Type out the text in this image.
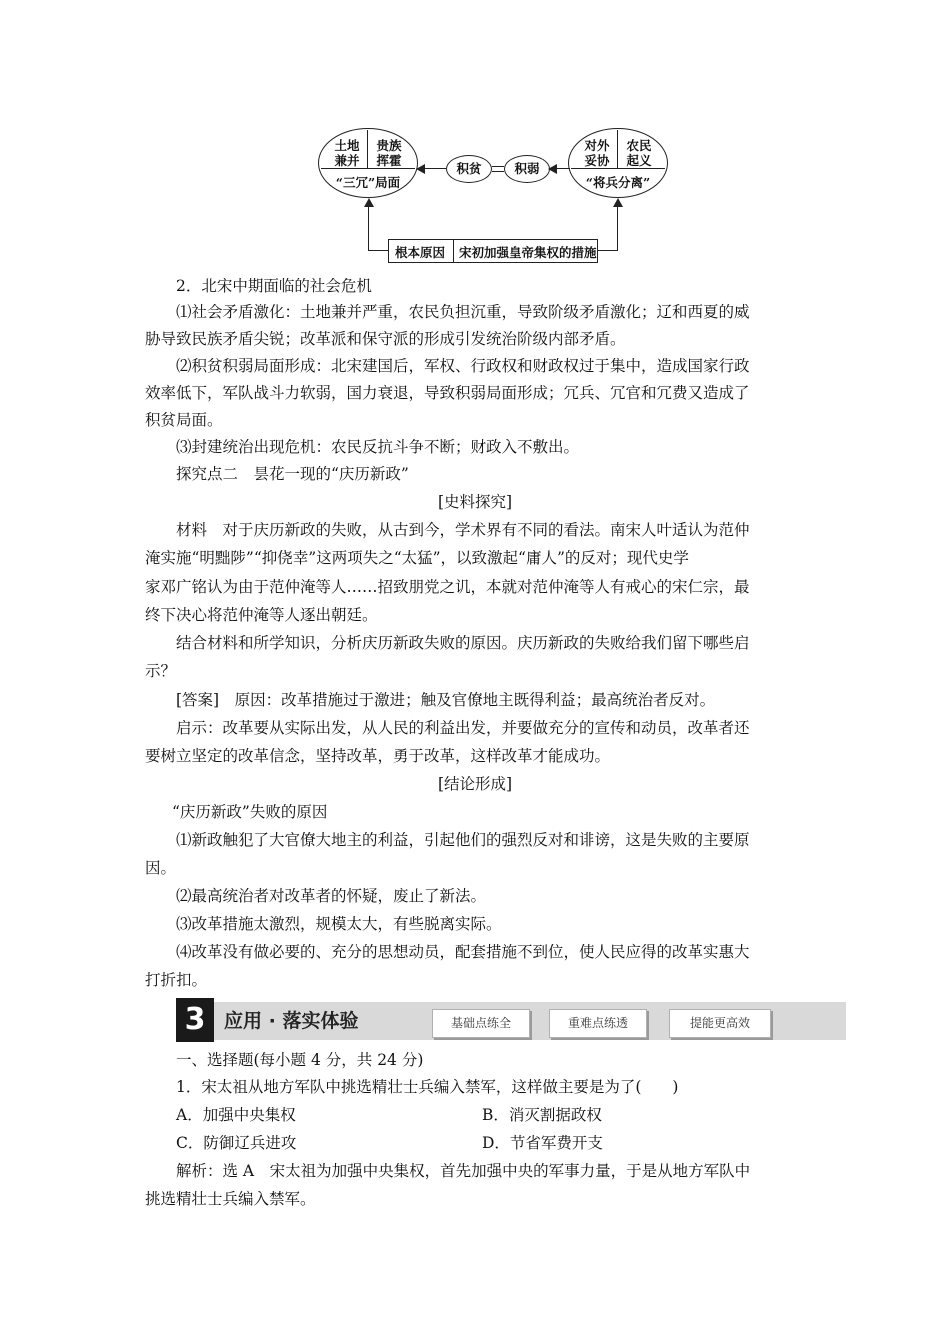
土地
兼并
贵族
挥霍
“三冗”局面
积贫	积弱
对外
妥协
农民
起义
“将兵分离”
根本原因 宋初加强皇帝集权的措施
2．北宋中期面临的社会危机
⑴社会矛盾激化：土地兼并严重，农民负担沉重，导致阶级矛盾激化；辽和西夏的威
胁导致民族矛盾尖锐；改革派和保守派的形成引发统治阶级内部矛盾。
⑵积贫积弱局面形成：北宋建国后，军权、行政权和财政权过于集中，造成国家行政
效率低下，军队战斗力软弱，国力衰退，导致积弱局面形成；冗兵、冗官和冗费又造成了
积贫局面。
⑶封建统治出现危机：农民反抗斗争不断；财政入不敷出。
探究点二　昙花一现的“庆历新政”
[史料探究]
材料　对于庆历新政的失败，从古到今，学术界有不同的看法。南宋人叶适认为范仲
淹实施“明黜陟”“抑侥幸”这两项失之“太猛”，以致激起“庸人”的反对；现代史学
家邓广铭认为由于范仲淹等人……招致朋党之讥，本就对范仲淹等人有戒心的宋仁宗，最
终下决心将范仲淹等人逐出朝廷。
结合材料和所学知识，分析庆历新政失败的原因。庆历新政的失败给我们留下哪些启
示？
[答案]　原因：改革措施过于激进；触及官僚地主既得利益；最高统治者反对。
启示：改革要从实际出发，从人民的利益出发，并要做充分的宣传和动员，改革者还
要树立坚定的改革信念，坚持改革，勇于改革，这样改革才能成功。
[结论形成]
“庆历新政”失败的原因
⑴新政触犯了大官僚大地主的利益，引起他们的强烈反对和诽谤，这是失败的主要原
因。
⑵最高统治者对改革者的怀疑，废止了新法。
⑶改革措施太激烈，规模太大，有些脱离实际。
⑷改革没有做必要的、充分的思想动员，配套措施不到位，使人民应得的改革实惠大
打折扣。
3 应用 · 落实体验	基础点练全	重难点练透	提能更高效
一、选择题(每小题 4 分，共 24 分)
1．宋太祖从地方军队中挑选精壮士兵编入禁军，这样做主要是为了(　　)
A．加强中央集权	B．消灭割据政权
C．防御辽兵进攻	D．节省军费开支
解析：选 A　宋太祖为加强中央集权，首先加强中央的军事力量，于是从地方军队中
挑选精壮士兵编入禁军。
